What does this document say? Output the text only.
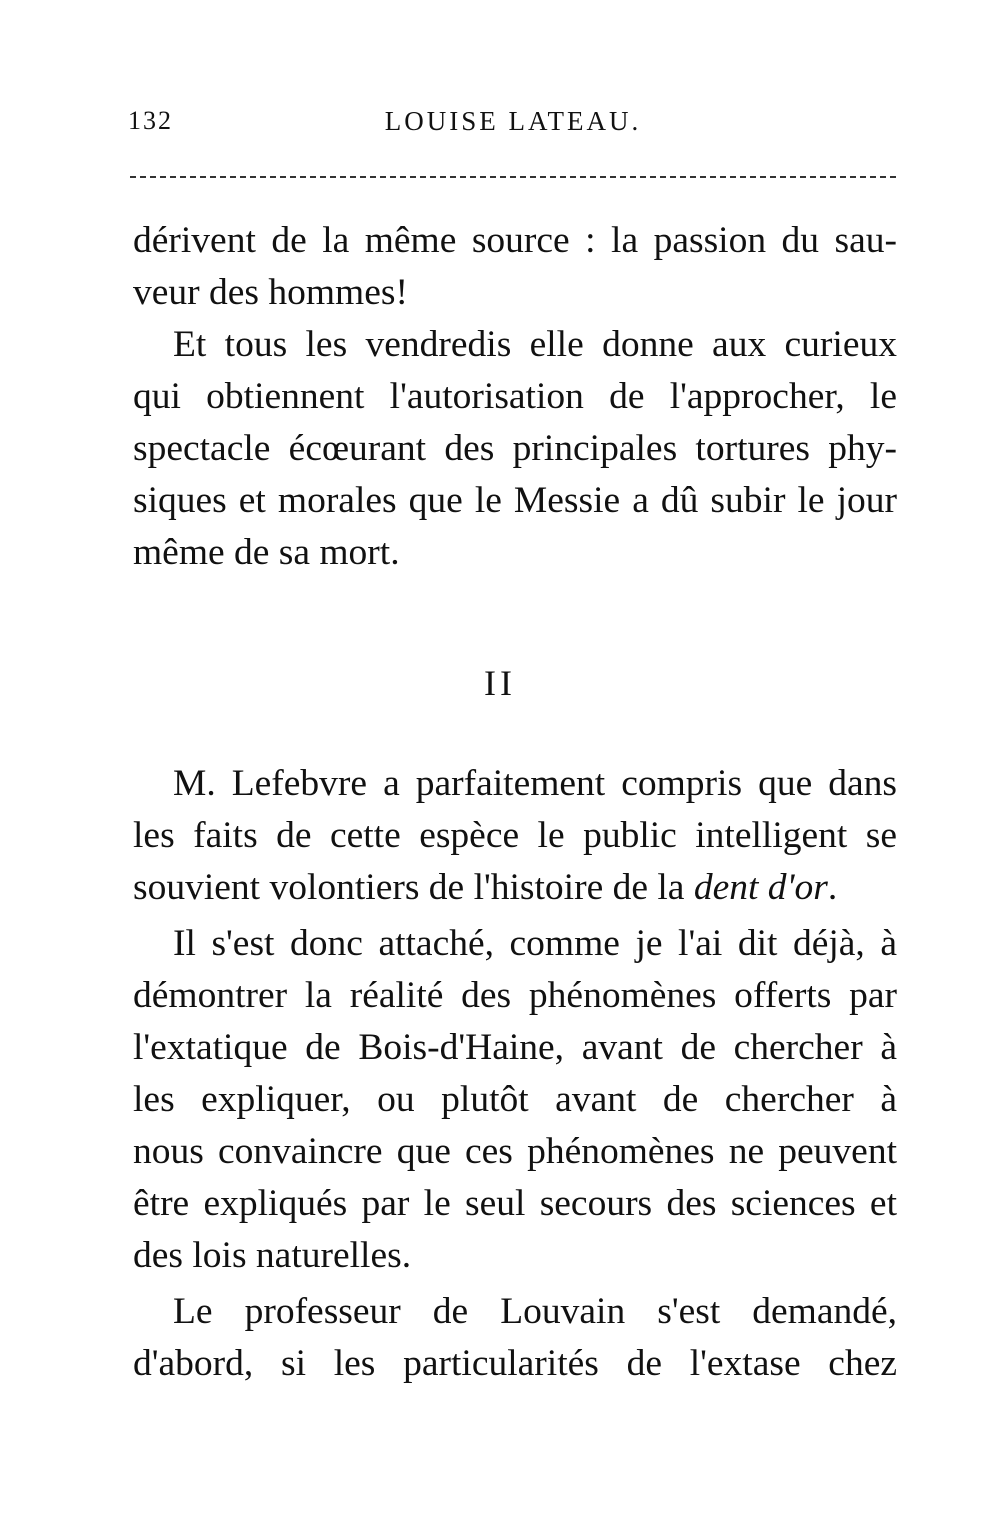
132	LOUISE LATEAU.

dérivent de la même source : la passion du sau-
veur des hommes!

Et tous les vendredis elle donne aux curieux
qui obtiennent l'autorisation de l'approcher, le
spectacle écœurant des principales tortures phy-
siques et morales que le Messie a dû subir le jour
même de sa mort.

II

M. Lefebvre a parfaitement compris que dans
les faits de cette espèce le public intelligent se
souvient volontiers de l'histoire de la dent d'or.

Il s'est donc attaché, comme je l'ai dit déjà, à
démontrer la réalité des phénomènes offerts par
l'extatique de Bois-d'Haine, avant de chercher à
les expliquer, ou plutôt avant de chercher à
nous convaincre que ces phénomènes ne peuvent
être expliqués par le seul secours des sciences et
des lois naturelles.

Le professeur de Louvain s'est demandé,
d'abord, si les particularités de l'extase chez
